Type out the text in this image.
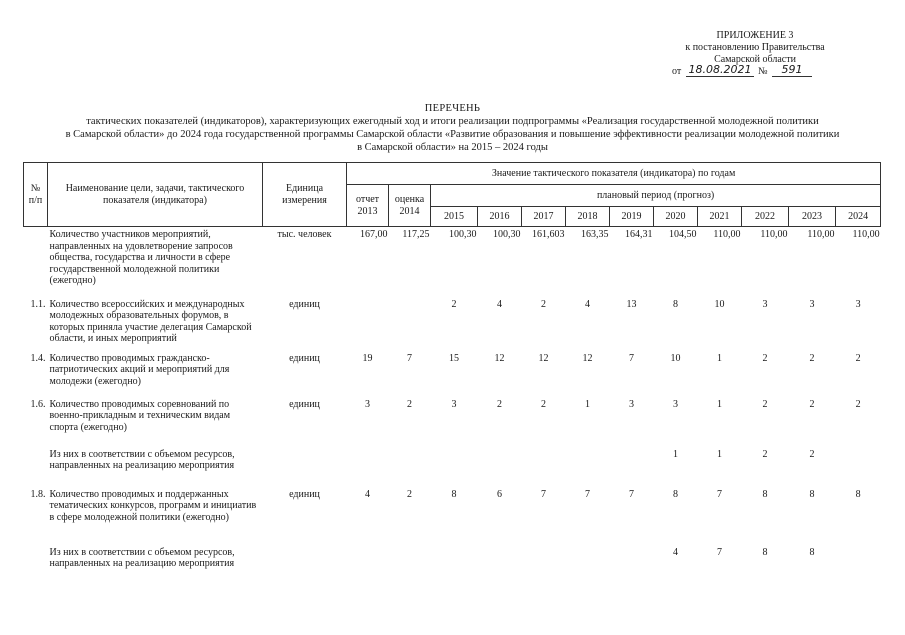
ПРИЛОЖЕНИЕ 3
к постановлению Правительства
Самарской области
от 18.08.2021 №	591
ПЕРЕЧЕНЬ
тактических показателей (индикаторов), характеризующих ежегодный ход и итоги реализации подпрограммы «Реализация государственной молодежной политики
в Самарской области» до 2024 года государственной программы Самарской области «Развитие образования и повышение эффективности реализации молодежной политики
в Самарской области» на 2015 – 2024 годы
№ п/п	Наименование цели, задачи, тактического показателя (индикатора)	Единица измерения	Значение тактического показателя (индикатора) по годам											
			отчет 2013	оценка 2014	плановый период (прогноз)									
					2015	2016	2017	2018	2019	2020	2021	2022	2023	2024
	Количество участников мероприятий, направленных на удовлетворение запросов общества, государства и личности в сфере государственной молодежной политики (ежегодно)	тыс. человек	167,00	117,25	100,30	100,30	161,603	163,35	164,31	104,50	110,00	110,00	110,00	110,00
1.1.	Количество всероссийских и международных молодежных образовательных форумов, в которых приняла участие делегация Самарской области, и иных мероприятий	единиц			2	4	2	4	13	8	10	3	3	3
1.4.	Количество проводимых гражданско-патриотических акций и мероприятий для молодежи (ежегодно)	единиц	19	7	15	12	12	12	7	10	1	2	2	2
1.6.	Количество проводимых соревнований по военно-прикладным и техническим видам спорта (ежегодно)	единиц	3	2	3	2	2	1	3	3	1	2	2	2
	Из них в соответствии с объемом ресурсов, направленных на реализацию мероприятия									1	1	2	2	
1.8.	Количество проводимых и поддержанных тематических конкурсов, программ и инициатив в сфере молодежной политики (ежегодно)	единиц	4	2	8	6	7	7	7	8	7	8	8	8
	Из них в соответствии с объемом ресурсов, направленных на реализацию мероприятия									4	7	8	8	
